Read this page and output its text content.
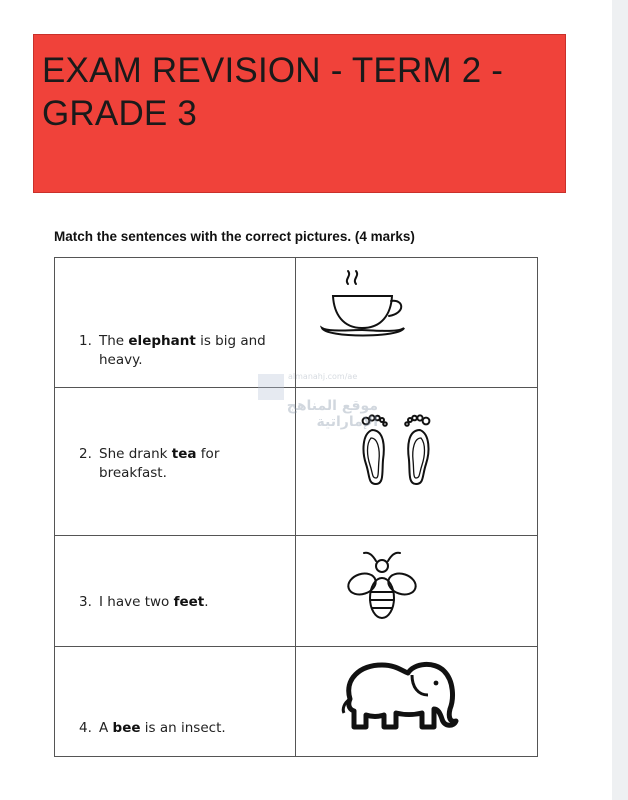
EXAM REVISION - TERM 2 - GRADE 3

Match the sentences with the correct pictures. (4 marks)

1. The elephant is big and heavy.

2. She drank tea for breakfast.

3. I have two feet.

4. A bee is an insect.

almanahj.com/ae
موقع المناهج الإماراتية
